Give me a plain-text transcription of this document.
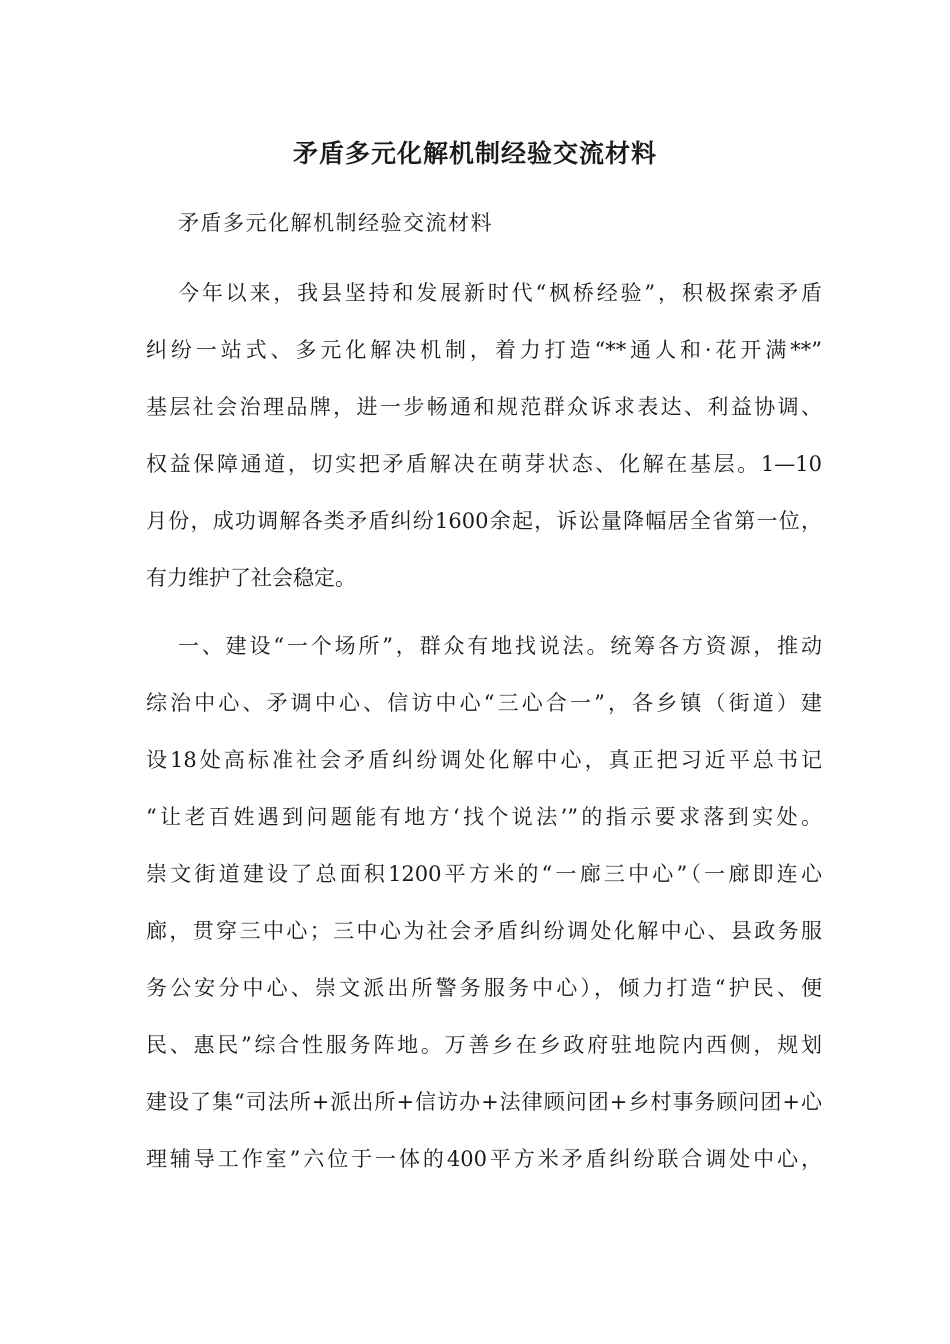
矛盾多元化解机制经验交流材料
矛盾多元化解机制经验交流材料
今年以来，我县坚持和发展新时代“枫桥经验”，积极探索矛盾
纠纷一站式、多元化解决机制，着力打造“**通人和·花开满**”
基层社会治理品牌，进一步畅通和规范群众诉求表达、利益协调、
权益保障通道，切实把矛盾解决在萌芽状态、化解在基层。1—10
月份，成功调解各类矛盾纠纷1600余起，诉讼量降幅居全省第一位，
有力维护了社会稳定。
一、建设“一个场所”，群众有地找说法。统筹各方资源，推动
综治中心、矛调中心、信访中心“三心合一”，各乡镇（街道）建
设18处高标准社会矛盾纠纷调处化解中心，真正把习近平总书记
“让老百姓遇到问题能有地方‘找个说法’”的指示要求落到实处。
崇文街道建设了总面积1200平方米的“一廊三中心”（一廊即连心
廊，贯穿三中心；三中心为社会矛盾纠纷调处化解中心、县政务服
务公安分中心、崇文派出所警务服务中心），倾力打造“护民、便
民、惠民”综合性服务阵地。万善乡在乡政府驻地院内西侧，规划
建设了集“司法所+派出所+信访办+法律顾问团+乡村事务顾问团+心
理辅导工作室”六位于一体的400平方米矛盾纠纷联合调处中心，
